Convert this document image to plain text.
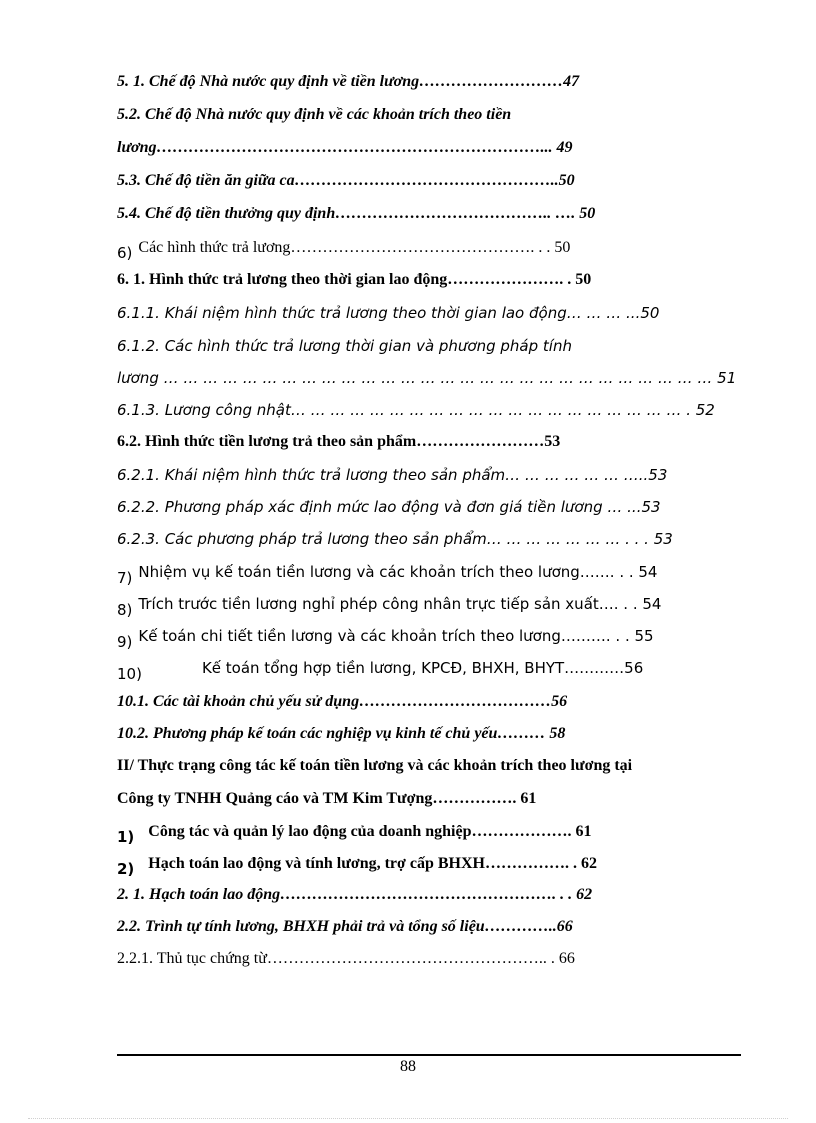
5. 1. Chế độ Nhà nước quy định về tiền lương………………………47
5.2. Chế độ Nhà nước quy định về các khoản trích theo tiền
lương………………………………………………………………... 49
5.3. Chế độ tiền ăn giữa ca…………………………………………..50
5.4. Chế độ tiền thưởng quy định………………………………….. …. 50
6) Các hình thức trả lương………………………………………. . . 50
6. 1. Hình thức trả lương theo thời gian lao động…………………. . 50
6.1.1. Khái niệm hình thức trả lương theo thời gian lao động… … … ...50
6.1.2. Các hình thức trả lương thời gian và phương pháp tính
lương … … … … … … … … … … … … … … … … … … … … … … … … … … … … 51
6.1.3. Lương công nhật… … … … … … … … … … … … … … … … … … … … . 52
6.2. Hình thức tiền lương trả theo sản phẩm……………………53
6.2.1. Khái niệm hình thức trả lương theo sản phẩm… … … … … … …..53
6.2.2. Phương pháp xác định mức lao động và đơn giá tiền lương … ...53
6.2.3. Các phương pháp trả lương theo sản phẩm… … … … … … … . . . 53
7) Nhiệm vụ kế toán tiền lương và các khoản trích theo lương……. . . 54
8) Trích trước tiền lương nghỉ phép công nhân trực tiếp sản xuất…. . . 54
9) Kế toán chi tiết tiền lương và các khoản trích theo lương………. . . 55
10)	Kế toán tổng hợp tiền lương, KPCĐ, BHXH, BHYT…………56
10.1. Các tài khoản chủ yếu sử dụng………………………………56
10.2. Phương pháp kế toán các nghiệp vụ kinh tế chủ yếu……… 58
II/ Thực trạng công tác kế toán tiền lương và các khoản trích theo lương tại
Công ty TNHH Quảng cáo và TM Kim Tượng……………. 61
1) Công tác và quản lý lao động của doanh nghiệp………………. 61
2) Hạch toán lao động và tính lương, trợ cấp BHXH……………. . 62
2. 1. Hạch toán lao động……………………………………………. . . 62
2.2. Trình tự tính lương, BHXH phải trả và tổng số liệu…………..66
2.2.1. Thủ tục chứng từ…………………………………………….. . 66
88
